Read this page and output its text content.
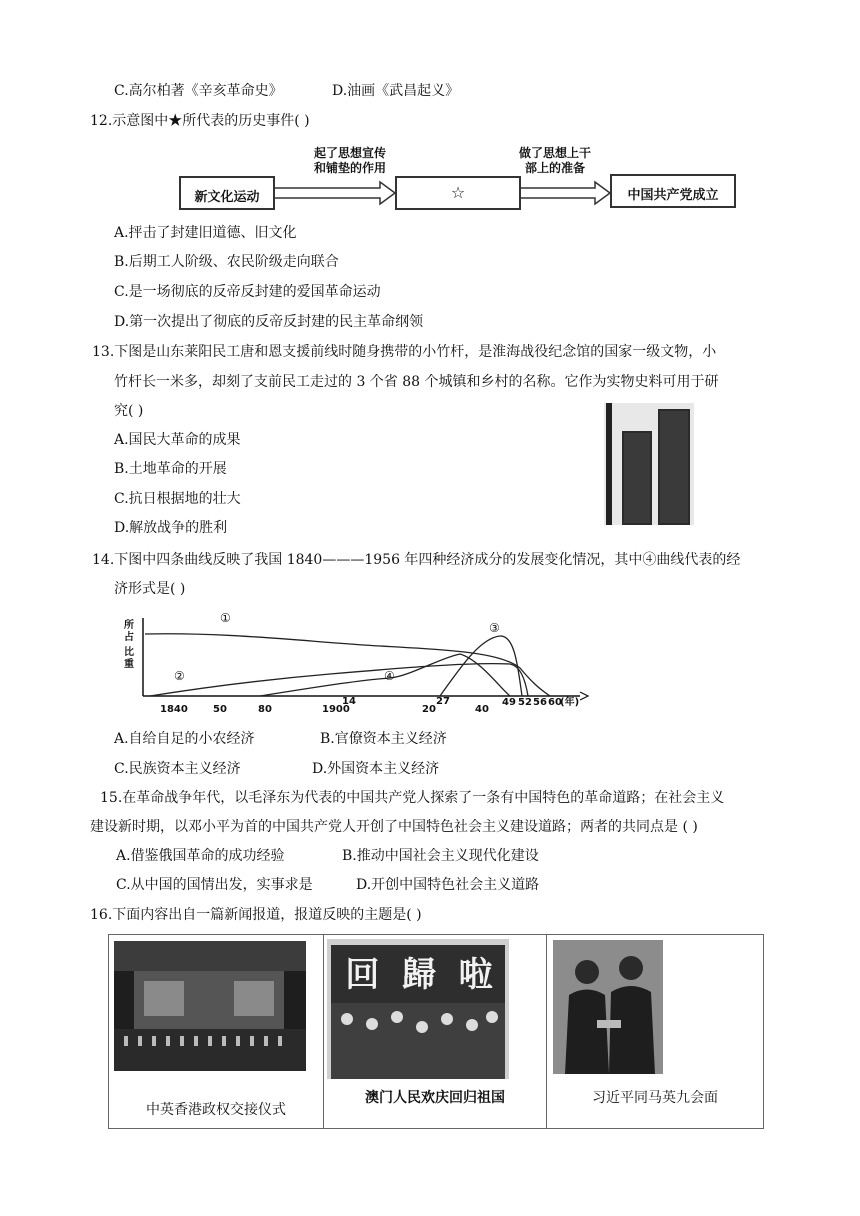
C.高尔柏著《辛亥革命史》	D.油画《武昌起义》
12.示意图中★所代表的历史事件( )
起了思想宣传
和铺垫的作用
做了思想上干
部上的准备
新文化运动	☆	中国共产党成立
A.抨击了封建旧道德、旧文化
B.后期工人阶级、农民阶级走向联合
C.是一场彻底的反帝反封建的爱国革命运动
D.第一次提出了彻底的反帝反封建的民主革命纲领
13.下图是山东莱阳民工唐和恩支援前线时随身携带的小竹杆，是淮海战役纪念馆的国家一级文物，小
竹杆长一米多，却刻了支前民工走过的 3 个省 88 个城镇和乡村的名称。它作为实物史料可用于研
究( )
A.国民大革命的成果
B.土地革命的开展
C.抗日根据地的壮大
D.解放战争的胜利
14.下图中四条曲线反映了我国 1840———1956 年四种经济成分的发展变化情况，其中④曲线代表的经
济形式是( )
所
占
比
重
①
②
③
④
1840	50	80	1900	20	40
60
(年)
14	27	49 52 56
A.自给自足的小农经济	B.官僚资本主义经济
C.民族资本主义经济	D.外国资本主义经济
15.在革命战争年代，以毛泽东为代表的中国共产党人探索了一条有中国特色的革命道路；在社会主义
建设新时期，以邓小平为首的中国共产党人开创了中国特色社会主义建设道路；两者的共同点是 ( )
A.借鉴俄国革命的成功经验	B.推动中国社会主义现代化建设
C.从中国的国情出发，实事求是	D.开创中国特色社会主义道路
16.下面内容出自一篇新闻报道，报道反映的主题是( )
中英香港政权交接仪式
回 歸 啦
澳门人民欢庆回归祖国	习近平同马英九会面
